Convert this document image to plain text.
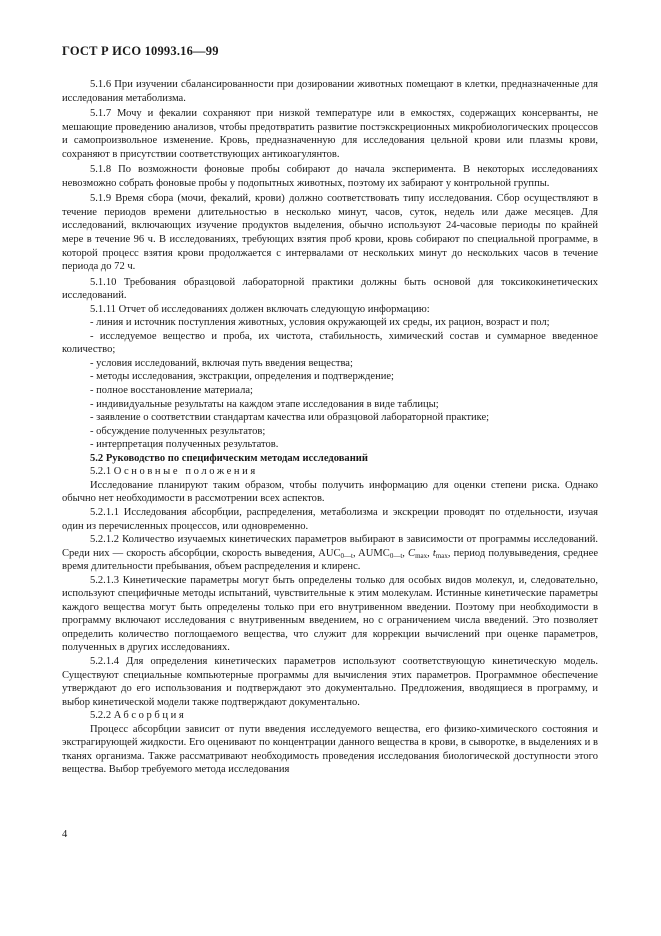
ГОСТ Р ИСО 10993.16—99

5.1.6 При изучении сбалансированности при дозировании животных помещают в клетки, предназначенные для исследования метаболизма.

5.1.7 Мочу и фекалии сохраняют при низкой температуре или в емкостях, содержащих консерванты, не мешающие проведению анализов, чтобы предотвратить развитие постэкскреционных микробиологических процессов и самопроизвольное изменение. Кровь, предназначенную для исследования цельной крови или плазмы крови, сохраняют в присутствии соответствующих антикоагулянтов.

5.1.8 По возможности фоновые пробы собирают до начала эксперимента. В некоторых исследованиях невозможно собрать фоновые пробы у подопытных животных, поэтому их забирают у контрольной группы.

5.1.9 Время сбора (мочи, фекалий, крови) должно соответствовать типу исследования. Сбор осуществляют в течение периодов времени длительностью в несколько минут, часов, суток, недель или даже месяцев. Для исследований, включающих изучение продуктов выделения, обычно используют 24-часовые периоды по крайней мере в течение 96 ч. В исследованиях, требующих взятия проб крови, кровь собирают по специальной программе, в которой процесс взятия крови продолжается с интервалами от нескольких минут до нескольких часов в течение периода до 72 ч.

5.1.10 Требования образцовой лабораторной практики должны быть основой для токсикокинетических исследований.

5.1.11 Отчет об исследованиях должен включать следующую информацию:

- линия и источник поступления животных, условия окружающей их среды, их рацион, возраст и пол;

- исследуемое вещество и проба, их чистота, стабильность, химический состав и суммарное введенное количество;

- условия исследований, включая путь введения вещества;

- методы исследования, экстракции, определения и подтверждение;

- полное восстановление материала;

- индивидуальные результаты на каждом этапе исследования в виде таблицы;

- заявление о соответствии стандартам качества или образцовой лабораторной практике;

- обсуждение полученных результатов;

- интерпретация полученных результатов.

5.2 Руководство по специфическим методам исследований

5.2.1 Основные положения

Исследование планируют таким образом, чтобы получить информацию для оценки степени риска. Однако обычно нет необходимости в рассмотрении всех аспектов.

5.2.1.1 Исследования абсорбции, распределения, метаболизма и экскреции проводят по отдельности, изучая один из перечисленных процессов, или одновременно.

5.2.1.2 Количество изучаемых кинетических параметров выбирают в зависимости от программы исследований. Среди них — скорость абсорбции, скорость выведения, $AUC_{0—t}$, $AUMC_{0—t}$, $C_{max}$, $t_{max}$, период полувыведения, среднее время длительности пребывания, объем распределения и клиренс.

5.2.1.3 Кинетические параметры могут быть определены только для особых видов молекул, и, следовательно, используют специфичные методы испытаний, чувствительные к этим молекулам. Истинные кинетические параметры каждого вещества могут быть определены только при его внутривенном введении. Поэтому при необходимости в программу включают исследования с внутривенным введением, но с ограничением числа введений. Это позволяет определить количество поглощаемого вещества, что служит для коррекции вычислений при оценке параметров, полученных в других исследованиях.

5.2.1.4 Для определения кинетических параметров используют соответствующую кинетическую модель. Существуют специальные компьютерные программы для вычисления этих параметров. Программное обеспечение утверждают до его использования и подтверждают это документально. Предложения, вводящиеся в программу, и выбор кинетической модели также подтверждают документально.

5.2.2 Абсорбция

Процесс абсорбции зависит от пути введения исследуемого вещества, его физико-химического состояния и экстрагирующей жидкости. Его оценивают по концентрации данного вещества в крови, в сыворотке, в выделениях и в тканях организма. Также рассматривают необходимость проведения исследования биологической доступности этого вещества. Выбор требуемого метода исследования

4
